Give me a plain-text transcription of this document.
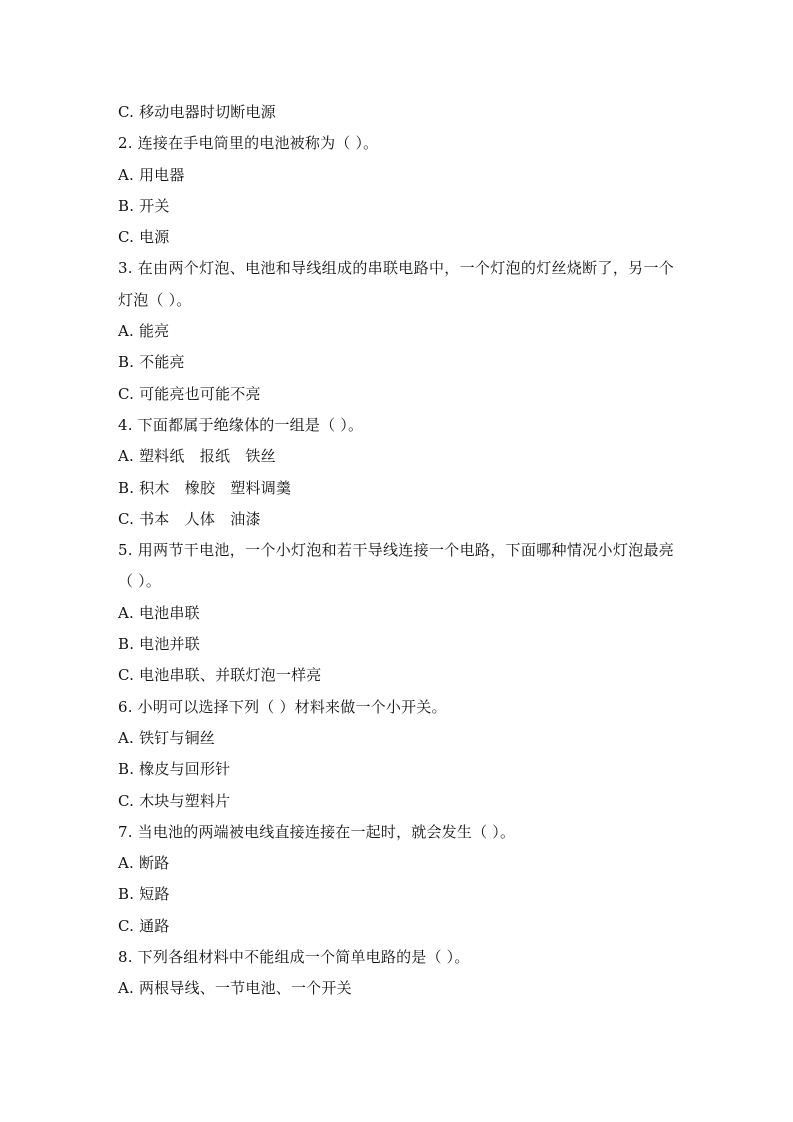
C. 移动电器时切断电源
2. 连接在手电筒里的电池被称为（ ）。
A. 用电器
B. 开关
C. 电源
3. 在由两个灯泡、电池和导线组成的串联电路中，一个灯泡的灯丝烧断了，另一个灯泡（ ）。
A. 能亮
B. 不能亮
C. 可能亮也可能不亮
4. 下面都属于绝缘体的一组是（ ）。
A. 塑料纸　报纸　铁丝
B. 积木　橡胶　塑料调羹
C. 书本　人体　油漆
5. 用两节干电池，一个小灯泡和若干导线连接一个电路，下面哪种情况小灯泡最亮（ ）。
A. 电池串联
B. 电池并联
C. 电池串联、并联灯泡一样亮
6. 小明可以选择下列（ ）材料来做一个小开关。
A. 铁钉与铜丝
B. 橡皮与回形针
C. 木块与塑料片
7. 当电池的两端被电线直接连接在一起时，就会发生（ ）。
A. 断路
B. 短路
C. 通路
8. 下列各组材料中不能组成一个简单电路的是（ ）。
A. 两根导线、一节电池、一个开关
